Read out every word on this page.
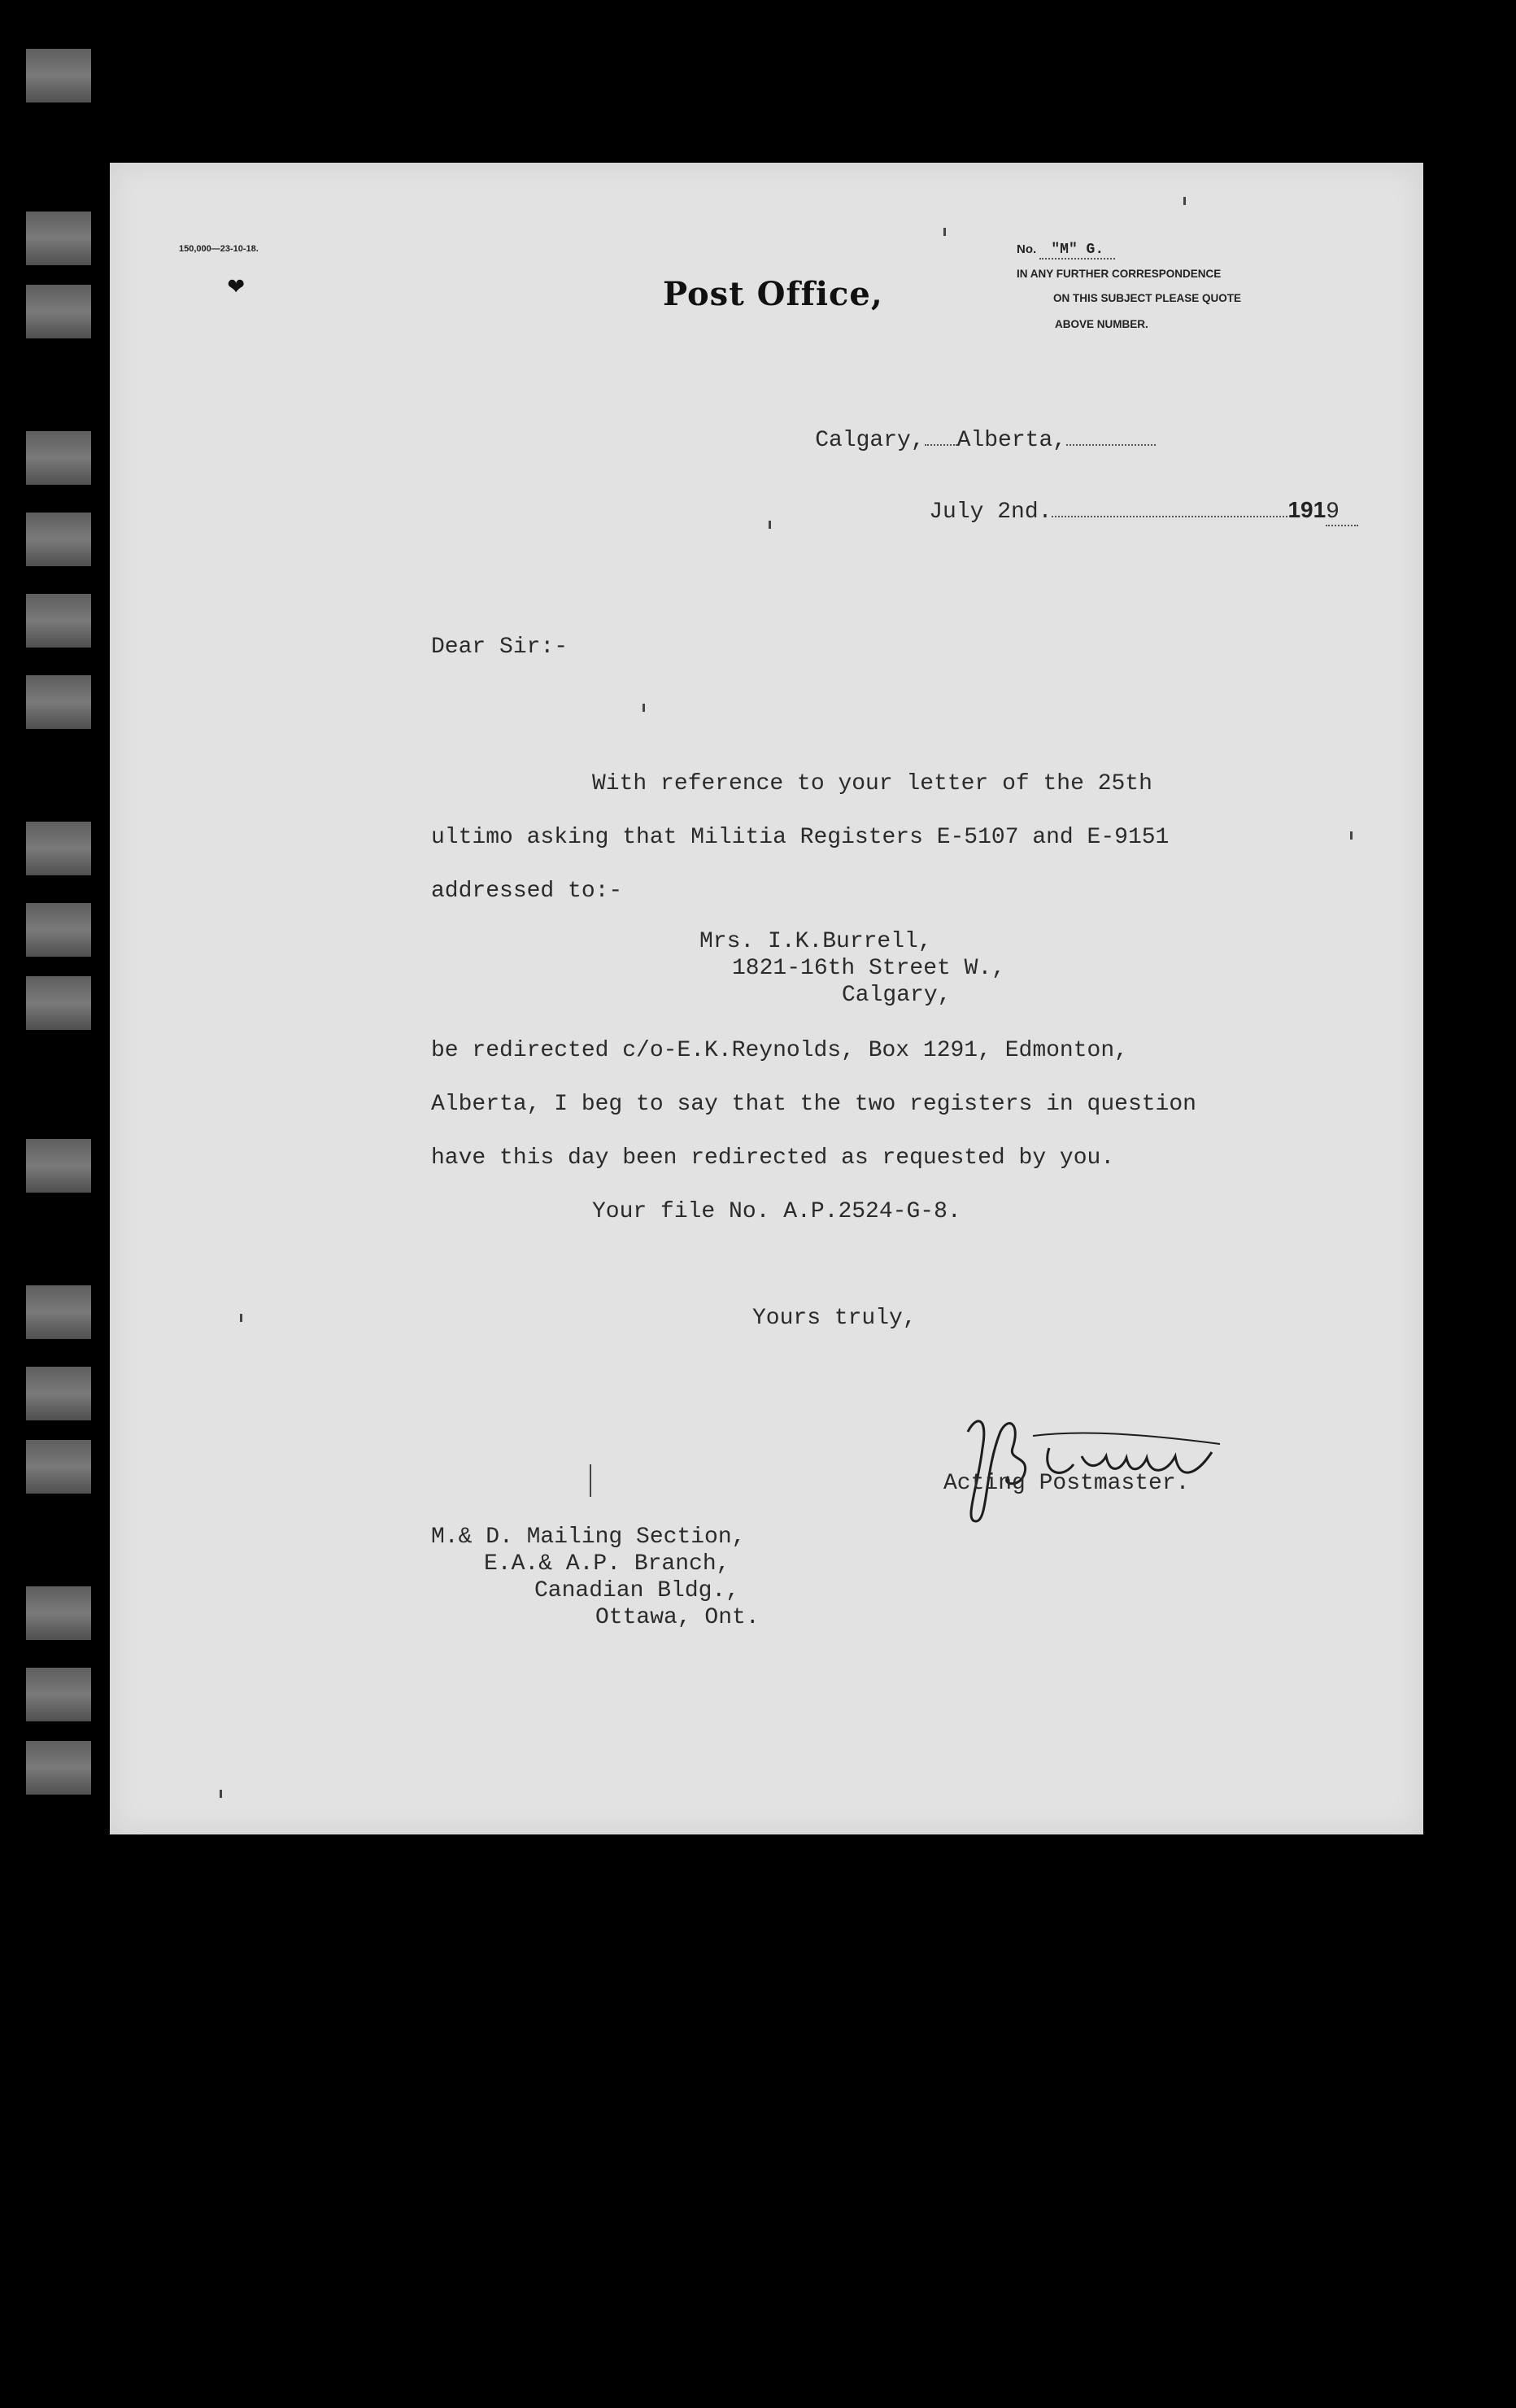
150,000—23-10-18.
❤	Post Office,
No. "M" G.
IN ANY FURTHER CORRESPONDENCE
ON THIS SUBJECT PLEASE QUOTE
ABOVE NUMBER.

Calgary, Alberta,

July 2nd.	1919

Dear Sir:-
With reference to your letter of the 25th
ultimo asking that Militia Registers E-5107 and E-9151
addressed to:-
Mrs. I.K.Burrell,
1821-16th Street W.,
Calgary,
be redirected c/o-E.K.Reynolds, Box 1291, Edmonton,
Alberta, I beg to say that the two registers in question
have this day been redirected as requested by you.
Your file No. A.P.2524-G-8.
Yours truly,
Acting Postmaster.
M.& D. Mailing Section,
E.A.& A.P. Branch,
Canadian Bldg.,
Ottawa, Ont.
